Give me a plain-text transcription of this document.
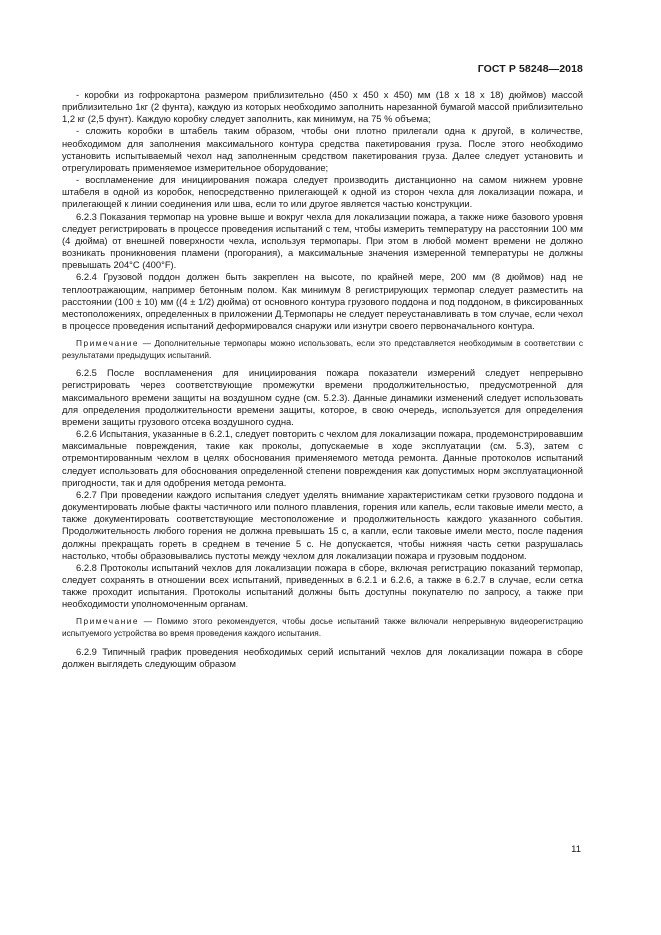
ГОСТ Р 58248—2018

- коробки из гофрокартона размером приблизительно (450 x 450 x 450) мм (18 x 18 x 18) дюймов) массой приблизительно 1кг (2 фунта), каждую из которых необходимо заполнить нарезанной бумагой массой приблизительно 1,2 кг (2,5 фунт). Каждую коробку следует заполнить, как минимум, на 75 % объема;

- сложить коробки в штабель таким образом, чтобы они плотно прилегали одна к другой, в количестве, необходимом для заполнения максимального контура средства пакетирования груза. После этого необходимо установить испытываемый чехол над заполненным средством пакетирования груза. Далее следует установить и отрегулировать применяемое измерительное оборудование;

- воспламенение для инициирования пожара следует производить дистанционно на самом нижнем уровне штабеля в одной из коробок, непосредственно прилегающей к одной из сторон чехла для локализации пожара, и прилегающей к линии соединения или шва, если то или другое является частью конструкции.

6.2.3 Показания термопар на уровне выше и вокруг чехла для локализации пожара, а также ниже базового уровня следует регистрировать в процессе проведения испытаний с тем, чтобы измерить температуру на расстоянии 100 мм (4 дюйма) от внешней поверхности чехла, используя термопары. При этом в любой момент времени не должно возникать проникновения пламени (прогорания), а максимальные значения измеренной температуры не должны превышать 204°C (400°F).

6.2.4 Грузовой поддон должен быть закреплен на высоте, по крайней мере, 200 мм (8 дюймов) над не теплоотражающим, например бетонным полом. Как минимум 8 регистрирующих термопар следует разместить на расстоянии (100 ± 10) мм ((4 ± 1/2) дюйма) от основного контура грузового поддона и под поддоном, в фиксированных местоположениях, определенных в приложении Д.Термопары не следует переустанавливать в том случае, если чехол в процессе проведения испытаний деформировался снаружи или изнутри своего первоначального контура.

Примечание — Дополнительные термопары можно использовать, если это представляется необходимым в соответствии с результатами предыдущих испытаний.

6.2.5 После воспламенения для инициирования пожара показатели измерений следует непрерывно регистрировать через соответствующие промежутки времени продолжительностью, предусмотренной для максимального времени защиты на воздушном судне (см. 5.2.3). Данные динамики изменений следует использовать для определения продолжительности времени защиты, которое, в свою очередь, используется для определения времени защиты грузового отсека воздушного судна.

6.2.6 Испытания, указанные в 6.2.1, следует повторить с чехлом для локализации пожара, продемонстрировавшим максимальные повреждения, такие как проколы, допускаемые в ходе эксплуатации (см. 5.3), затем с отремонтированным чехлом в целях обоснования применяемого метода ремонта. Данные протоколов испытаний следует использовать для обоснования определенной степени повреждения как допустимых норм эксплуатационной пригодности, так и для одобрения метода ремонта.

6.2.7 При проведении каждого испытания следует уделять внимание характеристикам сетки грузового поддона и документировать любые факты частичного или полного плавления, горения или капель, если таковые имели место, а также документировать соответствующие местоположение и продолжительность каждого указанного события. Продолжительность любого горения не должна превышать 15 с, а капли, если таковые имели место, после падения должны прекращать гореть в среднем в течение 5 с. Не допускается, чтобы нижняя часть сетки разрушалась настолько, чтобы образовывались пустоты между чехлом для локализации пожара и грузовым поддоном.

6.2.8 Протоколы испытаний чехлов для локализации пожара в сборе, включая регистрацию показаний термопар, следует сохранять в отношении всех испытаний, приведенных в 6.2.1 и 6.2.6, а также в 6.2.7 в случае, если сетка также проходит испытания. Протоколы испытаний должны быть доступны покупателю по запросу, а также при необходимости уполномоченным органам.

Примечание — Помимо этого рекомендуется, чтобы досье испытаний также включали непрерывную видеорегистрацию испытуемого устройства во время проведения каждого испытания.

6.2.9 Типичный график проведения необходимых серий испытаний чехлов для локализации пожара в сборе должен выглядеть следующим образом

11
